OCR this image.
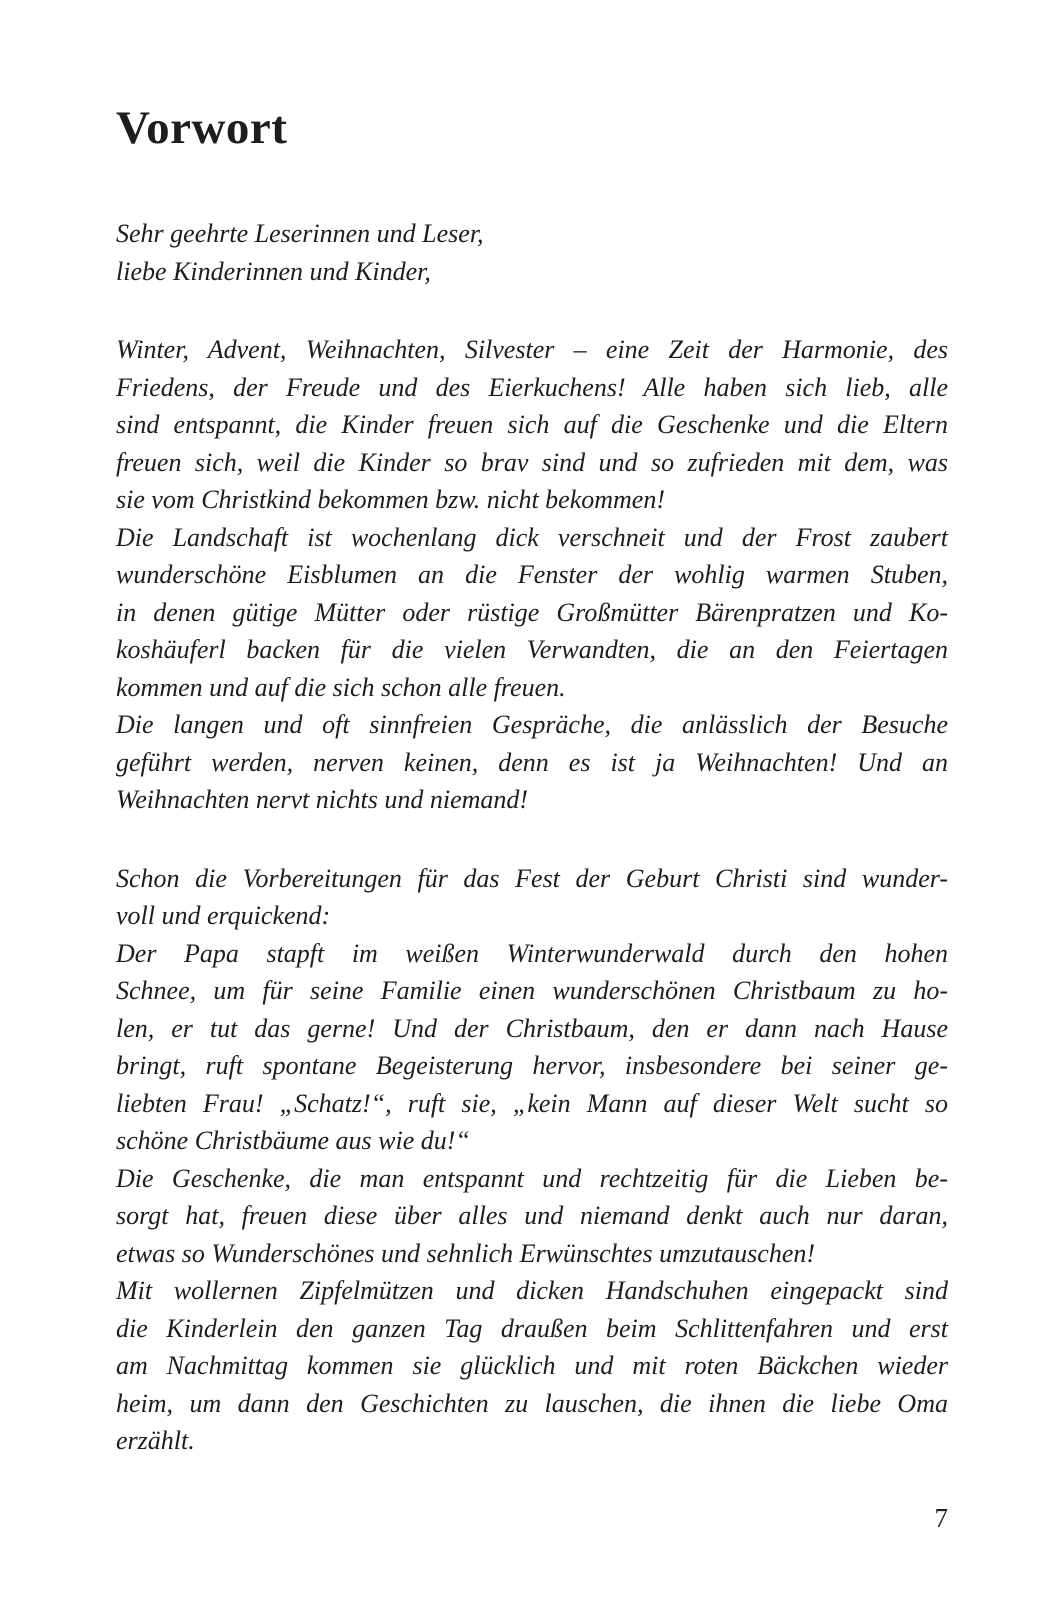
Vorwort
Sehr geehrte Leserinnen und Leser,
liebe Kinderinnen und Kinder,
Winter, Advent, Weihnachten, Silvester – eine Zeit der Harmonie, des
Friedens, der Freude und des Eierkuchens! Alle haben sich lieb, alle
sind entspannt, die Kinder freuen sich auf die Geschenke und die Eltern
freuen sich, weil die Kinder so brav sind und so zufrieden mit dem, was
sie vom Christkind bekommen bzw. nicht bekommen!
Die Landschaft ist wochenlang dick verschneit und der Frost zaubert
wunderschöne Eisblumen an die Fenster der wohlig warmen Stuben,
in denen gütige Mütter oder rüstige Großmütter Bärenpratzen und Ko-
koshäuferl backen für die vielen Verwandten, die an den Feiertagen
kommen und auf die sich schon alle freuen.
Die langen und oft sinnfreien Gespräche, die anlässlich der Besuche
geführt werden, nerven keinen, denn es ist ja Weihnachten! Und an
Weihnachten nervt nichts und niemand!
Schon die Vorbereitungen für das Fest der Geburt Christi sind wunder-
voll und erquickend:
Der Papa stapft im weißen Winterwunderwald durch den hohen
Schnee, um für seine Familie einen wunderschönen Christbaum zu ho-
len, er tut das gerne! Und der Christbaum, den er dann nach Hause
bringt, ruft spontane Begeisterung hervor, insbesondere bei seiner ge-
liebten Frau! „Schatz!“, ruft sie, „kein Mann auf dieser Welt sucht so
schöne Christbäume aus wie du!“
Die Geschenke, die man entspannt und rechtzeitig für die Lieben be-
sorgt hat, freuen diese über alles und niemand denkt auch nur daran,
etwas so Wunderschönes und sehnlich Erwünschtes umzutauschen!
Mit wollernen Zipfelmützen und dicken Handschuhen eingepackt sind
die Kinderlein den ganzen Tag draußen beim Schlittenfahren und erst
am Nachmittag kommen sie glücklich und mit roten Bäckchen wieder
heim, um dann den Geschichten zu lauschen, die ihnen die liebe Oma
erzählt.
7
